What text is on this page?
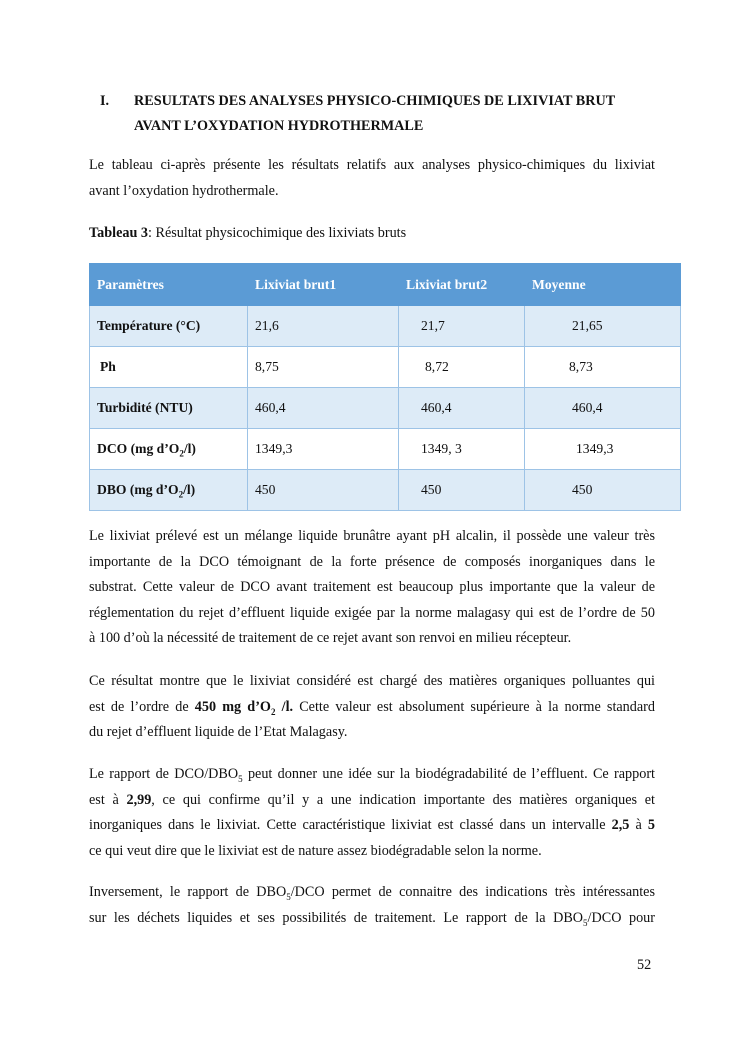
I.	RESULTATS DES ANALYSES PHYSICO-CHIMIQUES DE LIXIVIAT BRUT
AVANT L’OXYDATION HYDROTHERMALE
Le tableau ci-après présente les résultats relatifs aux analyses physico-chimiques du lixiviat
avant l’oxydation hydrothermale.
Tableau 3: Résultat physicochimique des lixiviats bruts
Paramètres	Lixiviat brut1	Lixiviat brut2	Moyenne
Température (°C)	21,6	21,7	21,65
Ph	8,75	8,72	8,73
Turbidité (NTU)	460,4	460,4	460,4
DCO (mg $d’O_2/l$)	1349,3	1349, 3	1349,3
DBO (mg $d’O_2/l$)	450	450	450
Le lixiviat prélevé est un mélange liquide brunâtre ayant pH alcalin, il possède une valeur très
importante de la DCO témoignant de la forte présence de composés inorganiques dans le
substrat. Cette valeur de DCO avant traitement est beaucoup plus importante que la valeur de
réglementation du rejet d’effluent liquide exigée par la norme malagasy qui est de l’ordre de 50
à 100 d’où la nécessité de traitement de ce rejet avant son renvoi en milieu récepteur.
Ce résultat montre que le lixiviat considéré est chargé des matières organiques polluantes qui
est de l’ordre de 450 mg $d’O_2$ /l. Cette valeur est absolument supérieure à la norme standard
du rejet d’effluent liquide de l’Etat Malagasy.
Le rapport de DCO/$DBO_5$ peut donner une idée sur la biodégradabilité de l’effluent. Ce rapport
est à 2,99, ce qui confirme qu’il y a une indication importante des matières organiques et
inorganiques dans le lixiviat. Cette caractéristique lixiviat est classé dans un intervalle 2,5 à 5
ce qui veut dire que le lixiviat est de nature assez biodégradable selon la norme.
Inversement, le rapport de $DBO_5$/DCO permet de connaitre des indications très intéressantes
sur les déchets liquides et ses possibilités de traitement. Le rapport de la $DBO_5$/DCO pour
52
